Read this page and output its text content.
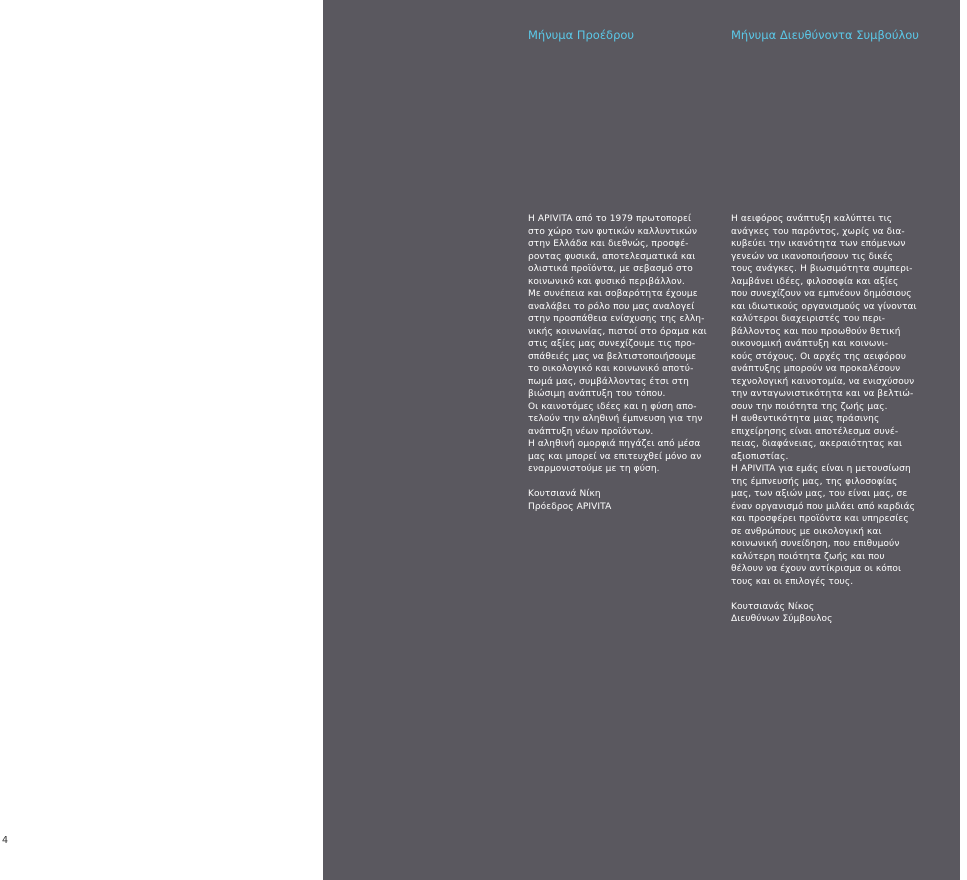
4
Μήνυμα Προέδρου	Μήνυμα Διευθύνοντα Συμβούλου
Η APIVITA από το 1979 πρωτοπορεί
στο χώρο των φυτικών καλλυντικών
στην Ελλάδα και διεθνώς, προσφέ-
ροντας φυσικά, αποτελεσματικά και
ολιστικά προϊόντα, με σεβασμό στο
κοινωνικό και φυσικό περιβάλλον.
Με συνέπεια και σοβαρότητα έχουμε
αναλάβει το ρόλο που μας αναλογεί
στην προσπάθεια ενίσχυσης της ελλη-
νικής κοινωνίας, πιστοί στο όραμα και
στις αξίες μας συνεχίζουμε τις προ-
σπάθειές μας να βελτιστοποιήσουμε
το οικολογικό και κοινωνικό αποτύ-
πωμά μας, συμβάλλοντας έτσι στη
βιώσιμη ανάπτυξη του τόπου.
Οι καινοτόμες ιδέες και η φύση απο-
τελούν την αληθινή έμπνευση για την
ανάπτυξη νέων προϊόντων.
Η αληθινή ομορφιά πηγάζει από μέσα
μας και μπορεί να επιτευχθεί μόνο αν
εναρμονιστούμε με τη φύση.
Κουτσιανά Νίκη
Πρόεδρος APIVITA
Η αειφόρος ανάπτυξη καλύπτει τις
ανάγκες του παρόντος, χωρίς να δια-
κυβεύει την ικανότητα των επόμενων
γενεών να ικανοποιήσουν τις δικές
τους ανάγκες. Η βιωσιμότητα συμπερι-
λαμβάνει ιδέες, φιλοσοφία και αξίες
που συνεχίζουν να εμπνέουν δημόσιους
και ιδιωτικούς οργανισμούς να γίνονται
καλύτεροι διαχειριστές του περι-
βάλλοντος και που προωθούν θετική
οικονομική ανάπτυξη και κοινωνι-
κούς στόχους. Οι αρχές της αειφόρου
ανάπτυξης μπορούν να προκαλέσουν
τεχνολογική καινοτομία, να ενισχύσουν
την ανταγωνιστικότητα και να βελτιώ-
σουν την ποιότητα της ζωής μας.
Η αυθεντικότητα μιας πράσινης
επιχείρησης είναι αποτέλεσμα συνέ-
πειας, διαφάνειας, ακεραιότητας και
αξιοπιστίας.
Η APIVITA για εμάς είναι η μετουσίωση
της έμπνευσής μας, της φιλοσοφίας
μας, των αξιών μας, του είναι μας, σε
έναν οργανισμό που μιλάει από καρδιάς
και προσφέρει προϊόντα και υπηρεσίες
σε ανθρώπους με οικολογική και
κοινωνική συνείδηση, που επιθυμούν
καλύτερη ποιότητα ζωής και που
θέλουν να έχουν αντίκρισμα οι κόποι
τους και οι επιλογές τους.
Κουτσιανάς Νίκος
Διευθύνων Σύμβουλος
5
